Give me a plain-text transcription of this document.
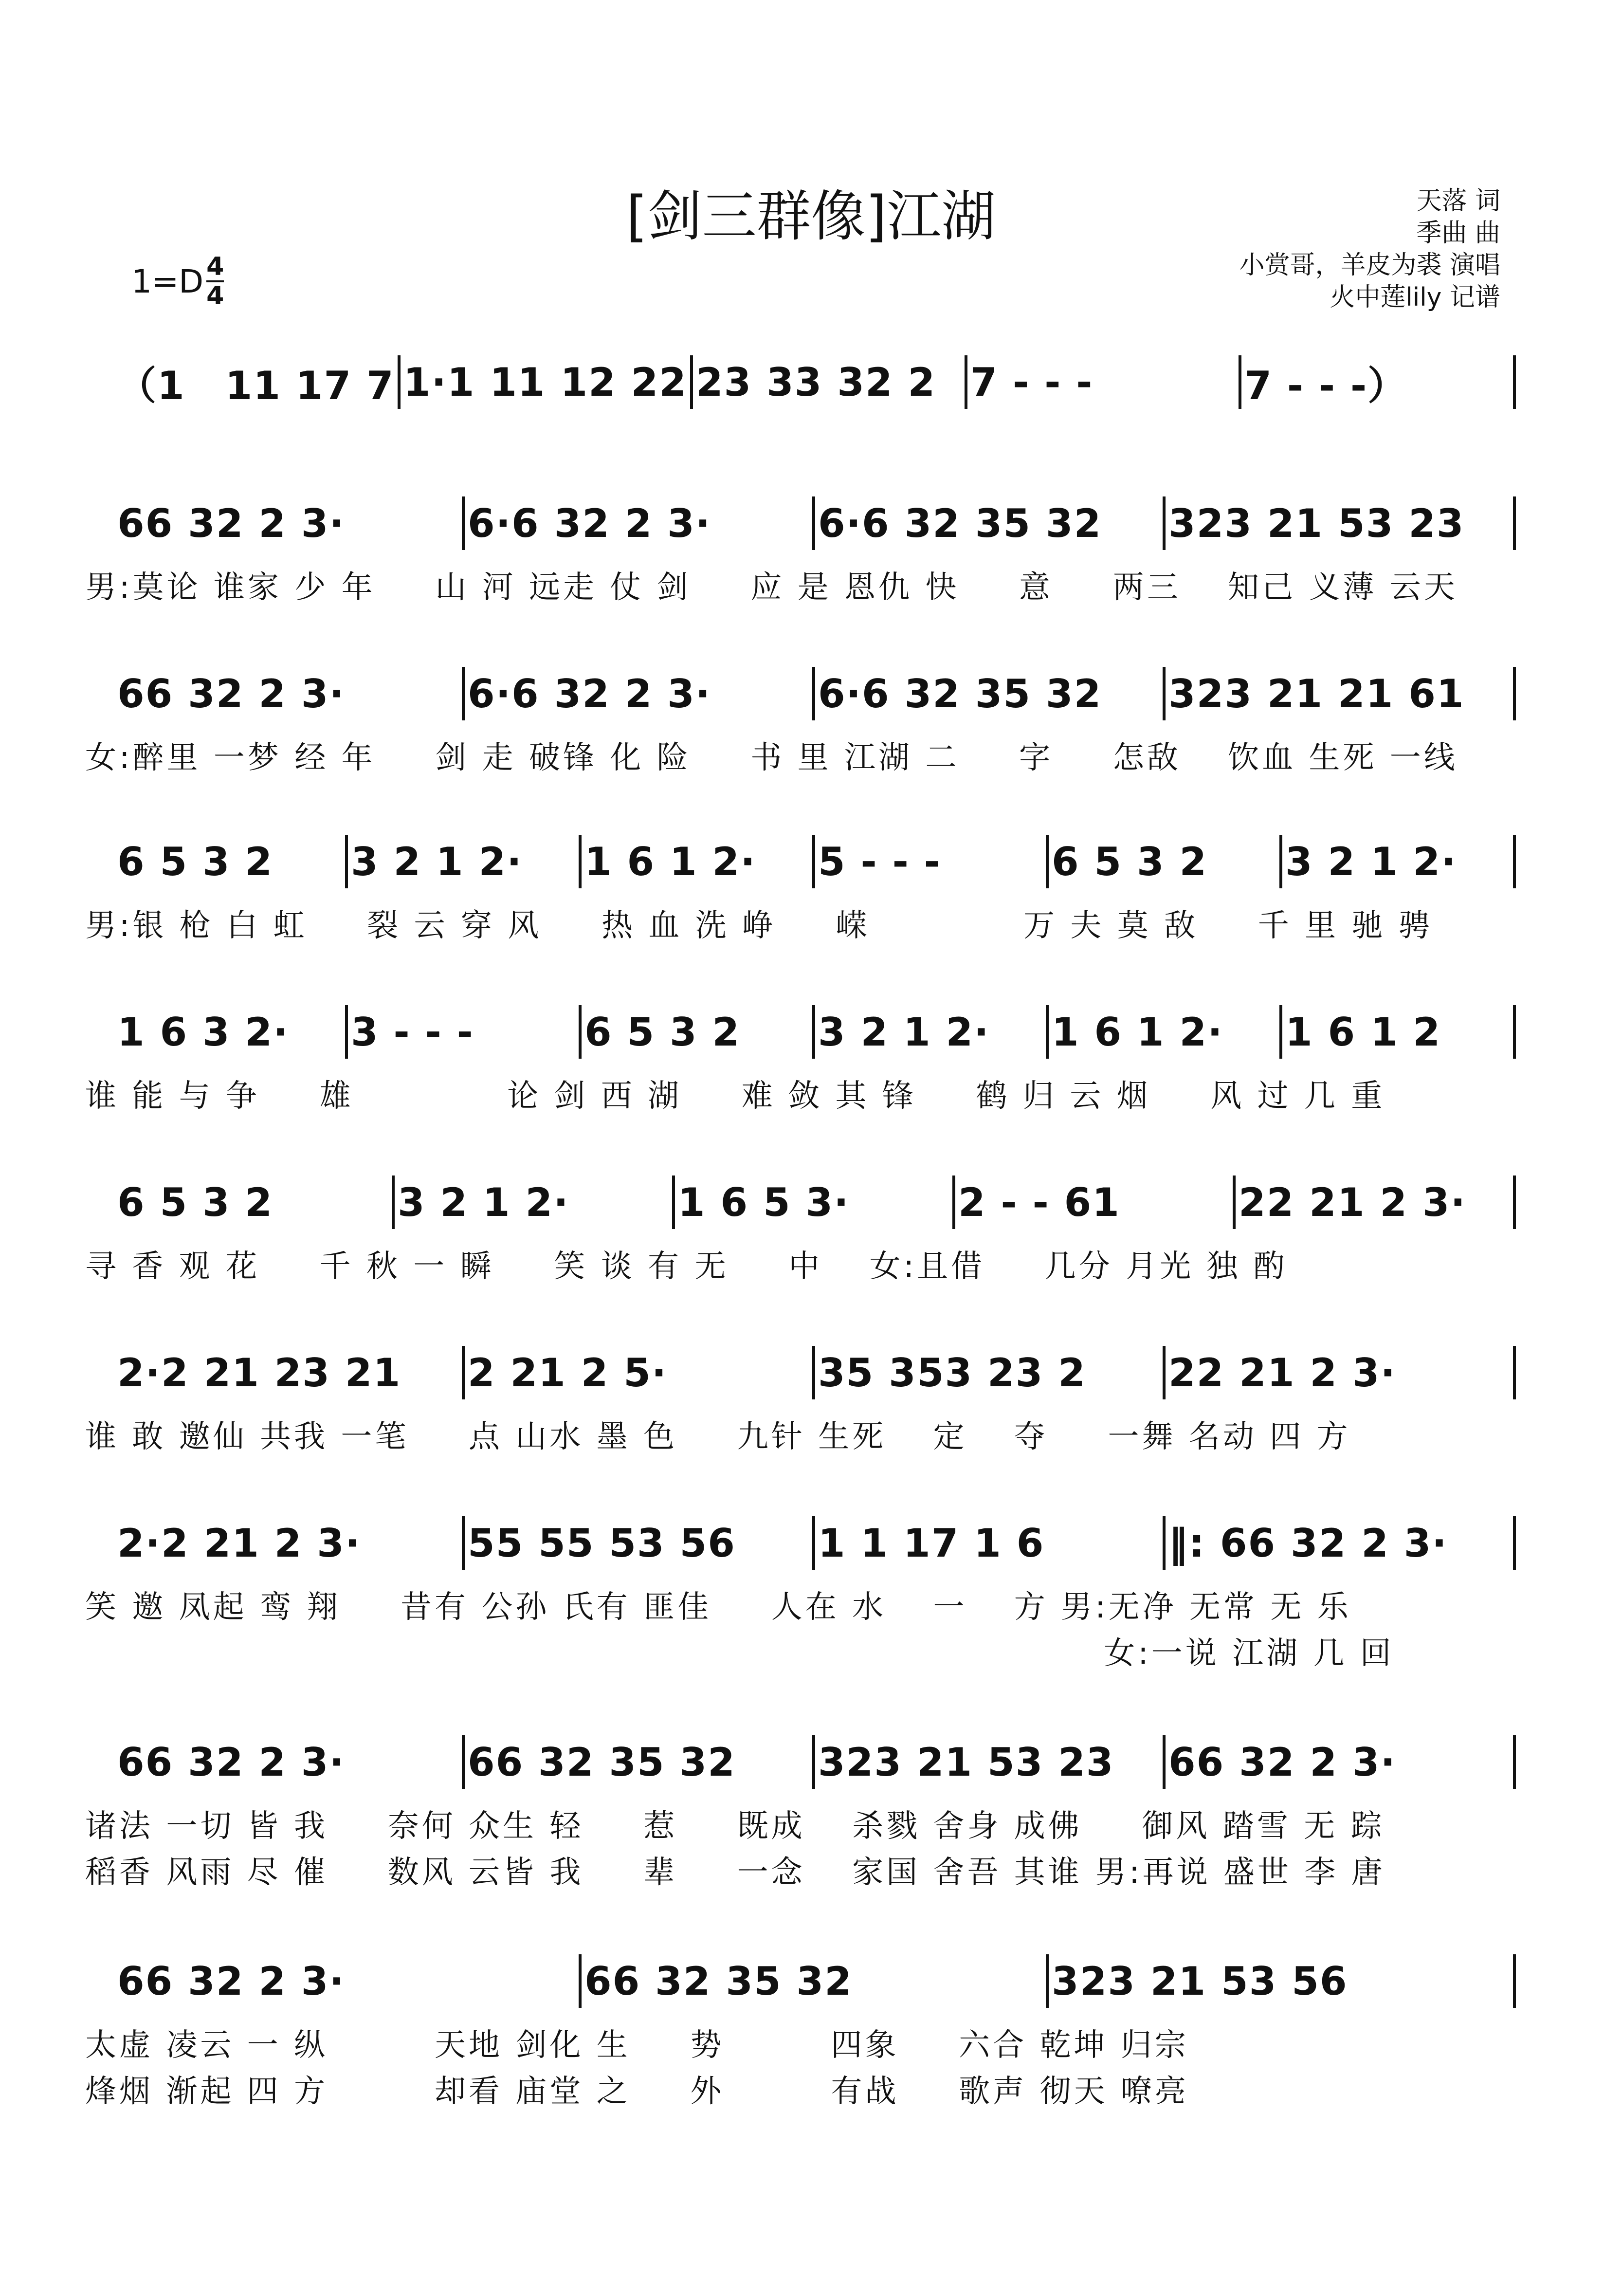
[剑三群像]江湖	天落 词
季曲 曲
小赏哥，羊皮为裘 演唱
火中莲lily 记谱
$1=D \frac{4}{4}$
（1　11 17 7 1·1 11 12 22 23 33 32 2 7 - - -	7 - - -）
66 32 2 3·	6·6 32 2 3·	6·6 32 35 32	323 21 53 23
男:莫论 谁家 少 年 　 山 河 远走 仗 剑 　 应 是 恩仇 快 　 意 　 两三 　知己 义薄 云天
66 32 2 3·	6·6 32 2 3·	6·6 32 35 32	323 21 21 61
女:醉里 一梦 经 年 　 剑 走 破锋 化 险 　 书 里 江湖 二 　 字 　 怎敌 　饮血 生死 一线
6 5 3 2	3 2 1 2·	1 6 1 2·	5 - - -	6 5 3 2	3 2 1 2·
男:银 枪 白 虹 　 裂 云 穿 风 　 热 血 洗 峥 　 嵘 　 　 　 万 夫 莫 敌 　 千 里 驰 骋
1 6 3 2·	3 - - -	6 5 3 2	3 2 1 2·	1 6 1 2·	1 6 1 2
谁 能 与 争 　 雄 　 　 　 论 剑 西 湖 　 难 敛 其 锋 　 鹤 归 云 烟 　 风 过 几 重
6 5 3 2	3 2 1 2·	1 6 5 3·	2 - - 61	22 21 2 3·
寻 香 观 花 　 千 秋 一 瞬 　 笑 谈 有 无 　 中 　女:且借 　 几分 月光 独 酌
2·2 21 23 21	2 21 2 5·	35 353 23 2	22 21 2 3·
谁 敢 邀仙 共我 一笔 　 点 山水 墨 色 　 九针 生死 　定 　夺 　 一舞 名动 四 方
2·2 21 2 3·	55 55 53 56	1 1 17 1 6	‖: 66 32 2 3·
笑 邀 凤起 鸾 翔 　 昔有 公孙 氏有 匪佳 　 人在 水 　一 　方 男:无净 无常 无 乐
　 　 　 　 　 　 　 　 　 　 　 　 　 　 　 　 　 　 　 　 　 　女:一说 江湖 几 回
66 32 2 3·	66 32 35 32	323 21 53 23	66 32 2 3·
诸法 一切 皆 我 　 奈何 众生 轻 　 惹 　 既成 　杀戮 舍身 成佛 　 御风 踏雪 无 踪
稻香 风雨 尽 催 　 数风 云皆 我 　 辈 　 一念 　家国 舍吾 其谁 男:再说 盛世 李 唐
66 32 2 3·	66 32 35 32	323 21 53 56
太虚 凌云 一 纵 　 　 天地 剑化 生 　 势 　 　 四象 　 六合 乾坤 归宗
烽烟 渐起 四 方 　 　 却看 庙堂 之 　 外 　 　 有战 　 歌声 彻天 嘹亮
